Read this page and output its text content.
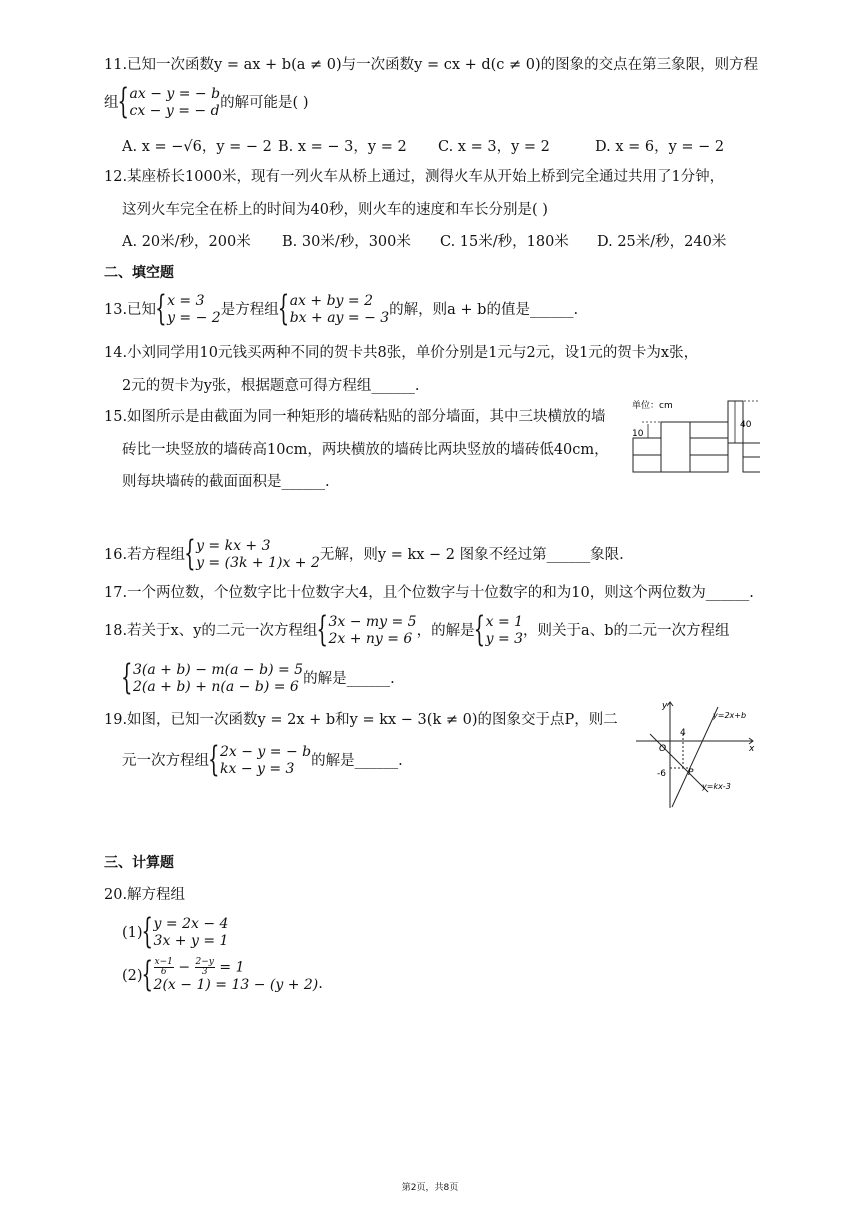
11.已知一次函数y = ax + b(a ≠ 0)与一次函数y = cx + d(c ≠ 0)的图象的交点在第三象限，则方程
组
{ ax − y = − b
cx − y = − d 的解可能是( )
A. x = −√6，y = − 2 B. x = − 3，y = 2 C. x = 3，y = 2	D. x = 6，y = − 2
12.某座桥长1000米，现有一列火车从桥上通过，测得火车从开始上桥到完全通过共用了1分钟，
这列火车完全在桥上的时间为40秒，则火车的速度和车长分别是( )
A. 20米/秒，200米 B. 30米/秒，300米 C. 15米/秒，180米 D. 25米/秒，240米
二、填空题
13.已知
{ x = 3
y = − 2 是方程组
{ ax + by = 2
bx + ay = − 3 的解，则a + b的值是______.
14.小刘同学用10元钱买两种不同的贺卡共8张，单价分别是1元与2元，设1元的贺卡为x张，
2元的贺卡为y张，根据题意可得方程组______.
15.如图所示是由截面为同一种矩形的墙砖粘贴的部分墙面，其中三块横放的墙
砖比一块竖放的墙砖高10cm，两块横放的墙砖比两块竖放的墙砖低40cm，
则每块墙砖的截面面积是______.
单位：cm
10
40
16.若方程组
{ y = kx + 3
y = (3k + 1)x + 2 无解，则y = kx − 2 图象不经过第______象限.
17.一个两位数，个位数字比十位数字大4，且个位数字与十位数字的和为10，则这个两位数为______.
18.若关于x、y的二元一次方程组
{ 3x − my = 5
2x + ny = 6 ，的解是
{ x = 1
y = 3 ，则关于a、b的二元一次方程组
{ 3(a + b) − m(a − b) = 5
2(a + b) + n(a − b) = 6 的解是______.
19.如图，已知一次函数y = 2x + b和y = kx − 3(k ≠ 0)的图象交于点P，则二
元一次方程组
{ 2x − y = − b
kx − y = 3	的解是______.
y
x
O
4
-6 P
y=2x+b
y=kx-3
三、计算题
20.解方程组
(1)
{ y = 2x − 4
3x + y = 1
(2)
{ $\frac{x-1}{6} - \frac{2-y}{3} = 1$
2(x − 1) = 13 − (y + 2) .
第2页，共8页
